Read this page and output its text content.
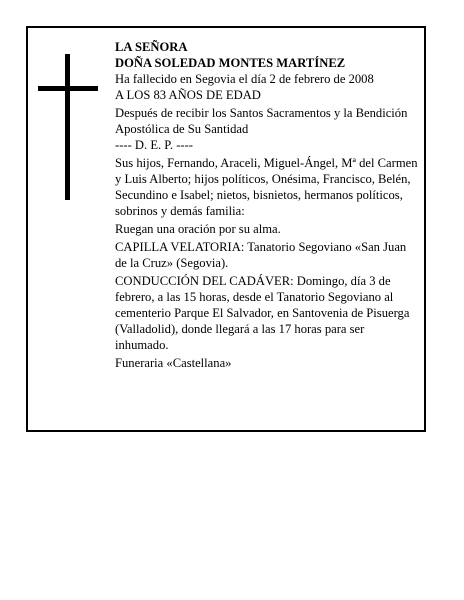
LA SEÑORA

DOÑA SOLEDAD MONTES MARTÍNEZ

Ha fallecido en Segovia el día 2 de febrero de 2008

A LOS 83 AÑOS DE EDAD

Después de recibir los Santos Sacramentos y la Bendición Apostólica de Su Santidad

---- D. E. P. ----

Sus hijos, Fernando, Araceli, Miguel-Ángel, Mª del Carmen y Luis Alberto; hijos políticos, Onésima, Francisco, Belén, Secundino e Isabel; nietos, bisnietos, hermanos políticos, sobrinos y demás familia:

Ruegan una oración por su alma.

CAPILLA VELATORIA: Tanatorio Segoviano «San Juan de la Cruz» (Segovia).

CONDUCCIÓN DEL CADÁVER: Domingo, día 3 de febrero, a las 15 horas, desde el Tanatorio Segoviano al cementerio Parque El Salvador, en Santovenia de Pisuerga (Valladolid), donde llegará a las 17 horas para ser inhumado.

Funeraria «Castellana»
